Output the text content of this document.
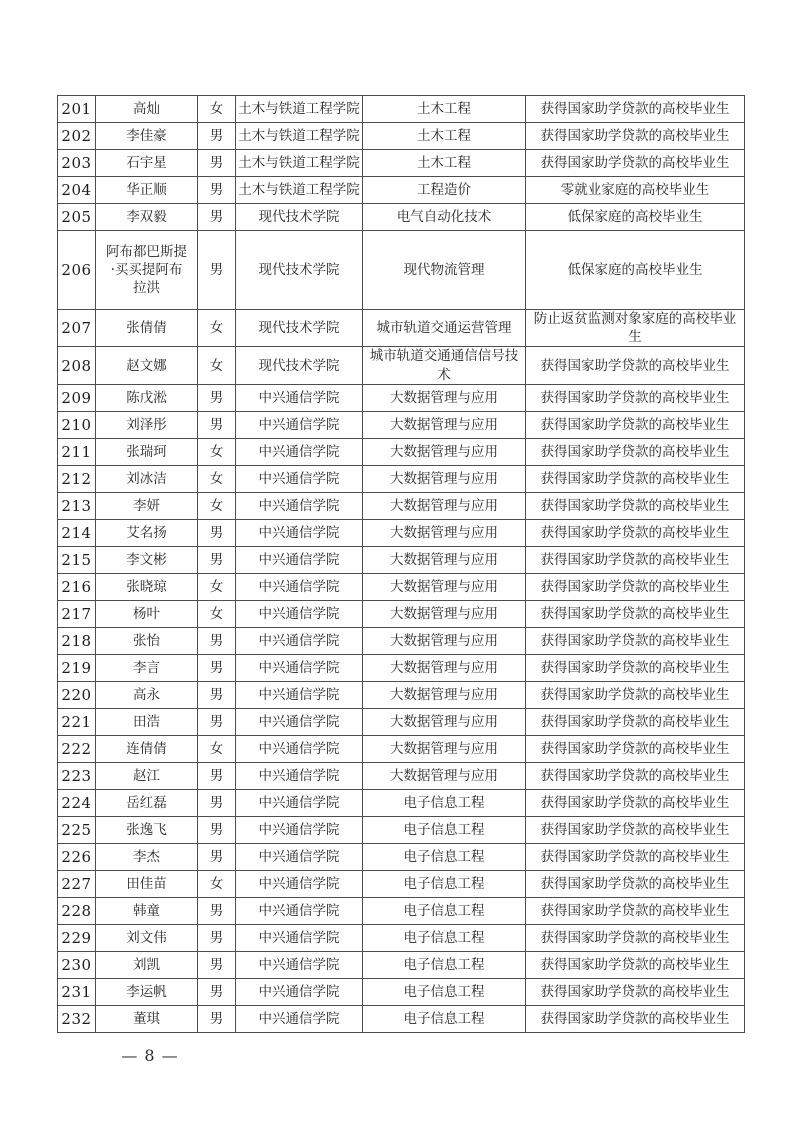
201	高灿	女	土木与铁道工程学院	土木工程	获得国家助学贷款的高校毕业生
202	李佳豪	男	土木与铁道工程学院	土木工程	获得国家助学贷款的高校毕业生
203	石宇星	男	土木与铁道工程学院	土木工程	获得国家助学贷款的高校毕业生
204	华正顺	男	土木与铁道工程学院	工程造价	零就业家庭的高校毕业生
205	李双毅	男	现代技术学院	电气自动化技术	低保家庭的高校毕业生
206	阿布都巴斯提·买买提阿布拉洪	男	现代技术学院	现代物流管理	低保家庭的高校毕业生
207	张倩倩	女	现代技术学院	城市轨道交通运营管理	防止返贫监测对象家庭的高校毕业生
208	赵文娜	女	现代技术学院	城市轨道交通通信信号技术	获得国家助学贷款的高校毕业生
209	陈戊淞	男	中兴通信学院	大数据管理与应用	获得国家助学贷款的高校毕业生
210	刘泽彤	男	中兴通信学院	大数据管理与应用	获得国家助学贷款的高校毕业生
211	张瑞珂	女	中兴通信学院	大数据管理与应用	获得国家助学贷款的高校毕业生
212	刘冰洁	女	中兴通信学院	大数据管理与应用	获得国家助学贷款的高校毕业生
213	李妍	女	中兴通信学院	大数据管理与应用	获得国家助学贷款的高校毕业生
214	艾名扬	男	中兴通信学院	大数据管理与应用	获得国家助学贷款的高校毕业生
215	李文彬	男	中兴通信学院	大数据管理与应用	获得国家助学贷款的高校毕业生
216	张晓琼	女	中兴通信学院	大数据管理与应用	获得国家助学贷款的高校毕业生
217	杨叶	女	中兴通信学院	大数据管理与应用	获得国家助学贷款的高校毕业生
218	张怡	男	中兴通信学院	大数据管理与应用	获得国家助学贷款的高校毕业生
219	李言	男	中兴通信学院	大数据管理与应用	获得国家助学贷款的高校毕业生
220	高永	男	中兴通信学院	大数据管理与应用	获得国家助学贷款的高校毕业生
221	田浩	男	中兴通信学院	大数据管理与应用	获得国家助学贷款的高校毕业生
222	连倩倩	女	中兴通信学院	大数据管理与应用	获得国家助学贷款的高校毕业生
223	赵江	男	中兴通信学院	大数据管理与应用	获得国家助学贷款的高校毕业生
224	岳红磊	男	中兴通信学院	电子信息工程	获得国家助学贷款的高校毕业生
225	张逸飞	男	中兴通信学院	电子信息工程	获得国家助学贷款的高校毕业生
226	李杰	男	中兴通信学院	电子信息工程	获得国家助学贷款的高校毕业生
227	田佳苗	女	中兴通信学院	电子信息工程	获得国家助学贷款的高校毕业生
228	韩童	男	中兴通信学院	电子信息工程	获得国家助学贷款的高校毕业生
229	刘文伟	男	中兴通信学院	电子信息工程	获得国家助学贷款的高校毕业生
230	刘凯	男	中兴通信学院	电子信息工程	获得国家助学贷款的高校毕业生
231	李运帆	男	中兴通信学院	电子信息工程	获得国家助学贷款的高校毕业生
232	董琪	男	中兴通信学院	电子信息工程	获得国家助学贷款的高校毕业生
— 8 —
